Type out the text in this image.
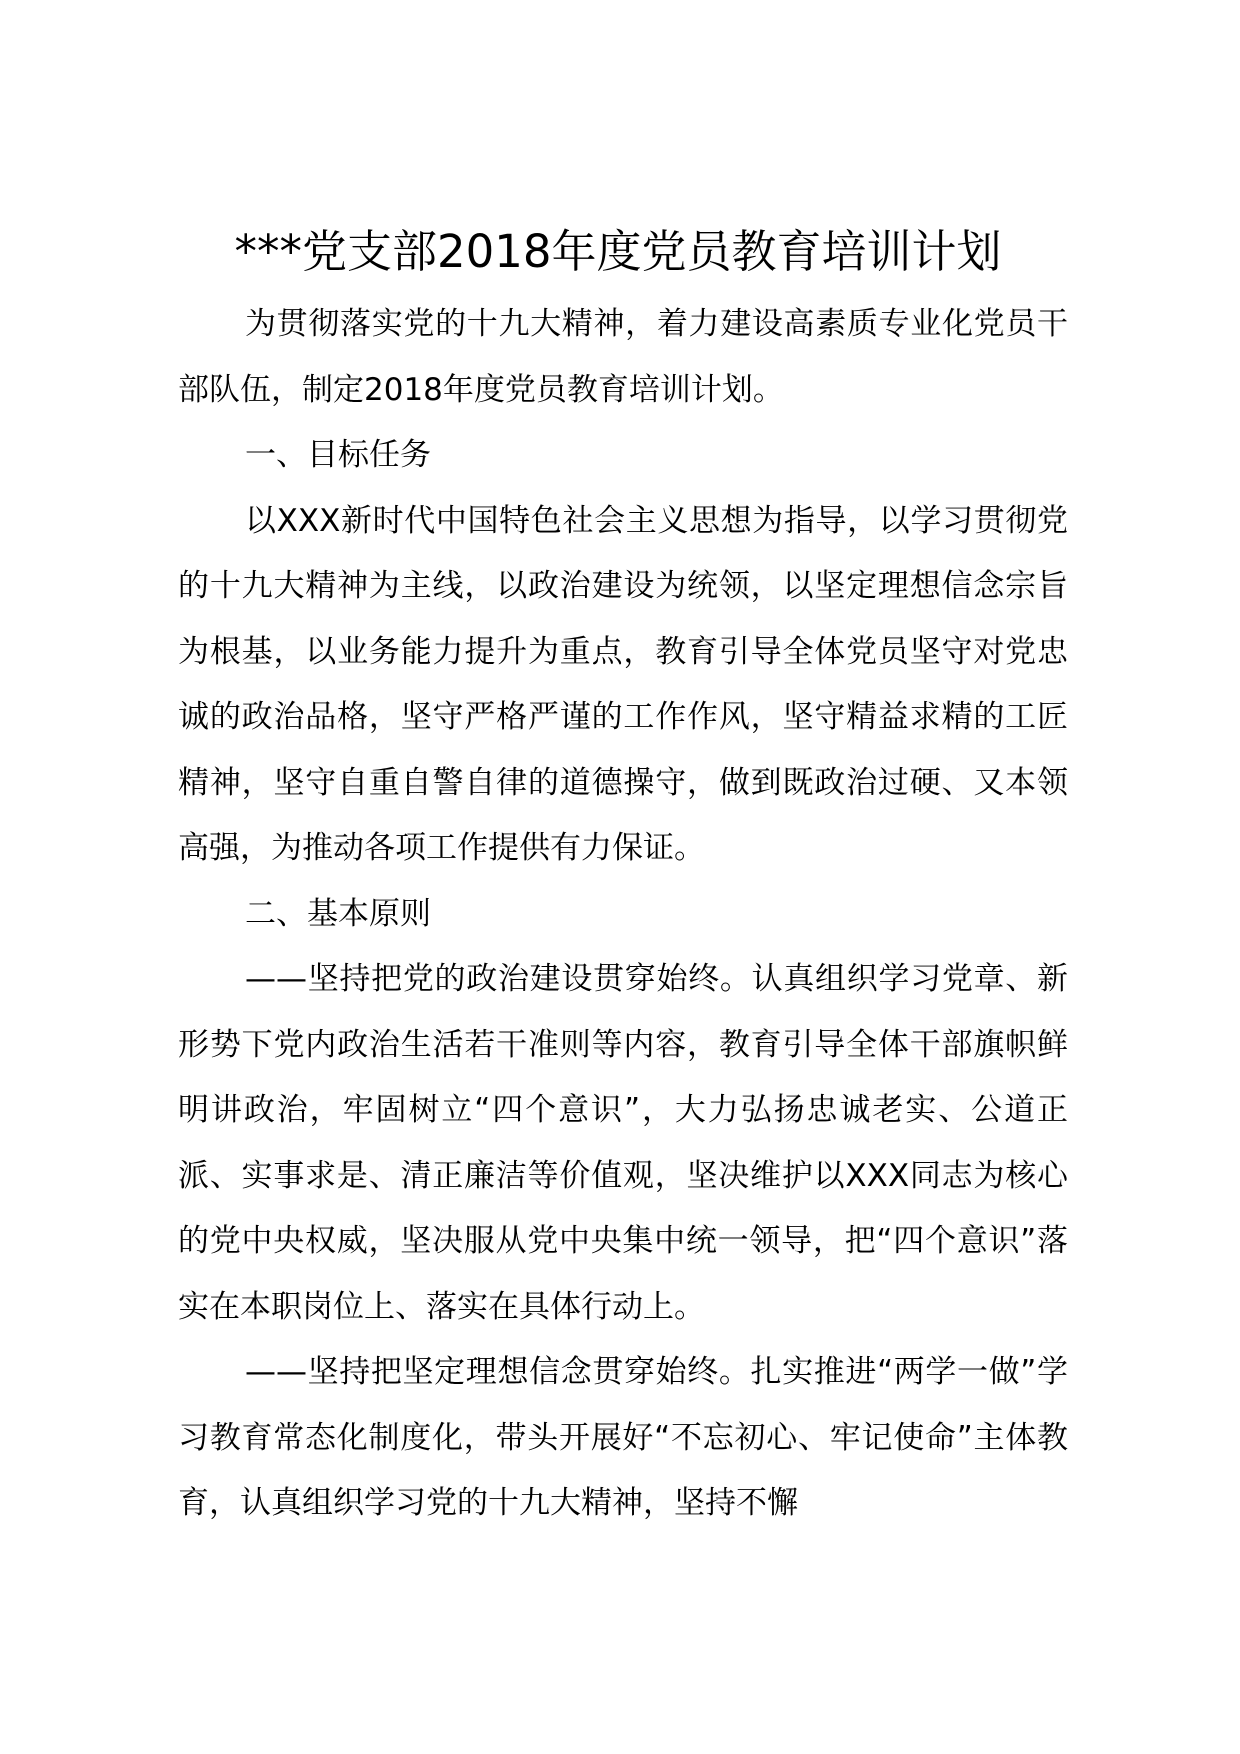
***党支部2018年度党员教育培训计划

为贯彻落实党的十九大精神，着力建设高素质专业化党员干部队伍，制定2018年度党员教育培训计划。

一、目标任务

以XXX新时代中国特色社会主义思想为指导，以学习贯彻党的十九大精神为主线，以政治建设为统领，以坚定理想信念宗旨为根基，以业务能力提升为重点，教育引导全体党员坚守对党忠诚的政治品格，坚守严格严谨的工作作风，坚守精益求精的工匠精神，坚守自重自警自律的道德操守，做到既政治过硬、又本领高强，为推动各项工作提供有力保证。

二、基本原则

——坚持把党的政治建设贯穿始终。认真组织学习党章、新形势下党内政治生活若干准则等内容，教育引导全体干部旗帜鲜明讲政治，牢固树立“四个意识”，大力弘扬忠诚老实、公道正派、实事求是、清正廉洁等价值观，坚决维护以XXX同志为核心的党中央权威，坚决服从党中央集中统一领导，把“四个意识”落实在本职岗位上、落实在具体行动上。

——坚持把坚定理想信念贯穿始终。扎实推进“两学一做”学习教育常态化制度化，带头开展好“不忘初心、牢记使命”主体教育，认真组织学习党的十九大精神，坚持不懈
